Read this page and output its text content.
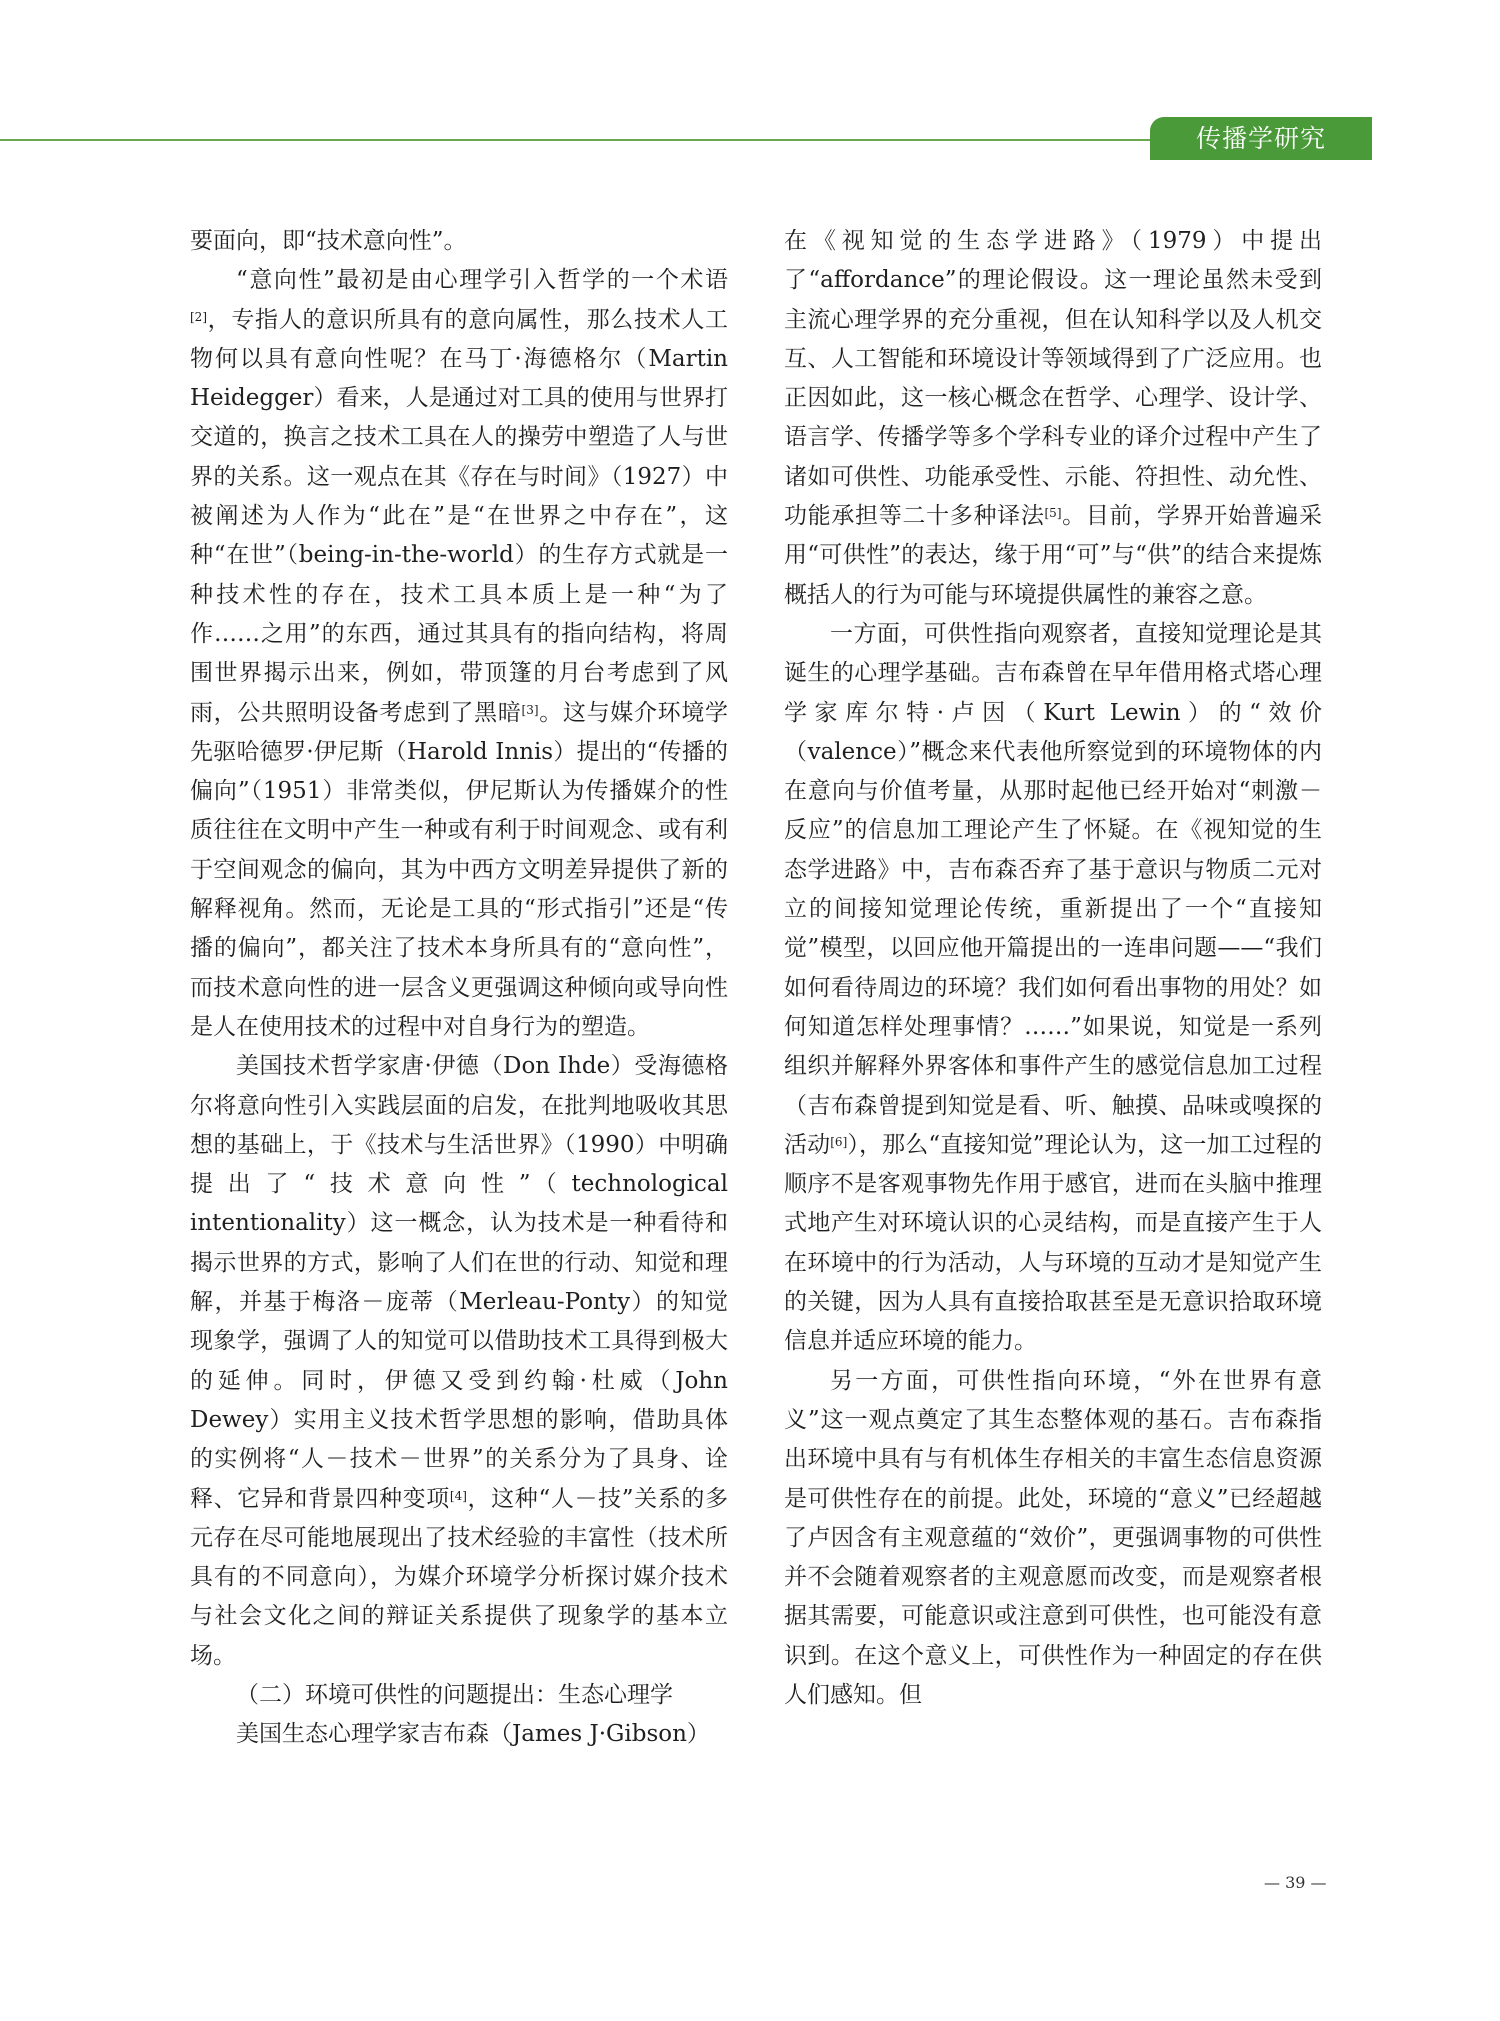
传播学研究

要面向，即“技术意向性”。

“意向性”最初是由心理学引入哲学的一个术语[2]，专指人的意识所具有的意向属性，那么技术人工物何以具有意向性呢？在马丁·海德格尔（Martin Heidegger）看来，人是通过对工具的使用与世界打交道的，换言之技术工具在人的操劳中塑造了人与世界的关系。这一观点在其《存在与时间》（1927）中被阐述为人作为“此在”是“在世界之中存在”，这种“在世”（being-in-the-world）的生存方式就是一种技术性的存在，技术工具本质上是一种“为了作……之用”的东西，通过其具有的指向结构，将周围世界揭示出来，例如，带顶篷的月台考虑到了风雨，公共照明设备考虑到了黑暗[3]。这与媒介环境学先驱哈德罗·伊尼斯（Harold Innis）提出的“传播的偏向”（1951）非常类似，伊尼斯认为传播媒介的性质往往在文明中产生一种或有利于时间观念、或有利于空间观念的偏向，其为中西方文明差异提供了新的解释视角。然而，无论是工具的“形式指引”还是“传播的偏向”，都关注了技术本身所具有的“意向性”，而技术意向性的进一层含义更强调这种倾向或导向性是人在使用技术的过程中对自身行为的塑造。

美国技术哲学家唐·伊德（Don Ihde）受海德格尔将意向性引入实践层面的启发，在批判地吸收其思想的基础上，于《技术与生活世界》（1990）中明确提出了“技术意向性”（technological intentionality）这一概念，认为技术是一种看待和揭示世界的方式，影响了人们在世的行动、知觉和理解，并基于梅洛－庞蒂（Merleau-Ponty）的知觉现象学，强调了人的知觉可以借助技术工具得到极大的延伸。同时，伊德又受到约翰·杜威（John Dewey）实用主义技术哲学思想的影响，借助具体的实例将“人－技术－世界”的关系分为了具身、诠释、它异和背景四种变项[4]，这种“人－技”关系的多元存在尽可能地展现出了技术经验的丰富性（技术所具有的不同意向），为媒介环境学分析探讨媒介技术与社会文化之间的辩证关系提供了现象学的基本立场。

（二）环境可供性的问题提出：生态心理学

美国生态心理学家吉布森（James J·Gibson）

在《视知觉的生态学进路》（1979）中提出了“affordance”的理论假设。这一理论虽然未受到主流心理学界的充分重视，但在认知科学以及人机交互、人工智能和环境设计等领域得到了广泛应用。也正因如此，这一核心概念在哲学、心理学、设计学、语言学、传播学等多个学科专业的译介过程中产生了诸如可供性、功能承受性、示能、符担性、动允性、功能承担等二十多种译法[5]。目前，学界开始普遍采用“可供性”的表达，缘于用“可”与“供”的结合来提炼概括人的行为可能与环境提供属性的兼容之意。

一方面，可供性指向观察者，直接知觉理论是其诞生的心理学基础。吉布森曾在早年借用格式塔心理学家库尔特·卢因（Kurt Lewin）的“效价（valence）”概念来代表他所察觉到的环境物体的内在意向与价值考量，从那时起他已经开始对“刺激－反应”的信息加工理论产生了怀疑。在《视知觉的生态学进路》中，吉布森否弃了基于意识与物质二元对立的间接知觉理论传统，重新提出了一个“直接知觉”模型，以回应他开篇提出的一连串问题——“我们如何看待周边的环境？我们如何看出事物的用处？如何知道怎样处理事情？……”如果说，知觉是一系列组织并解释外界客体和事件产生的感觉信息加工过程（吉布森曾提到知觉是看、听、触摸、品味或嗅探的活动[6]），那么“直接知觉”理论认为，这一加工过程的顺序不是客观事物先作用于感官，进而在头脑中推理式地产生对环境认识的心灵结构，而是直接产生于人在环境中的行为活动，人与环境的互动才是知觉产生的关键，因为人具有直接拾取甚至是无意识拾取环境信息并适应环境的能力。

另一方面，可供性指向环境，“外在世界有意义”这一观点奠定了其生态整体观的基石。吉布森指出环境中具有与有机体生存相关的丰富生态信息资源是可供性存在的前提。此处，环境的“意义”已经超越了卢因含有主观意蕴的“效价”，更强调事物的可供性并不会随着观察者的主观意愿而改变，而是观察者根据其需要，可能意识或注意到可供性，也可能没有意识到。在这个意义上，可供性作为一种固定的存在供人们感知。但

— 39 —
